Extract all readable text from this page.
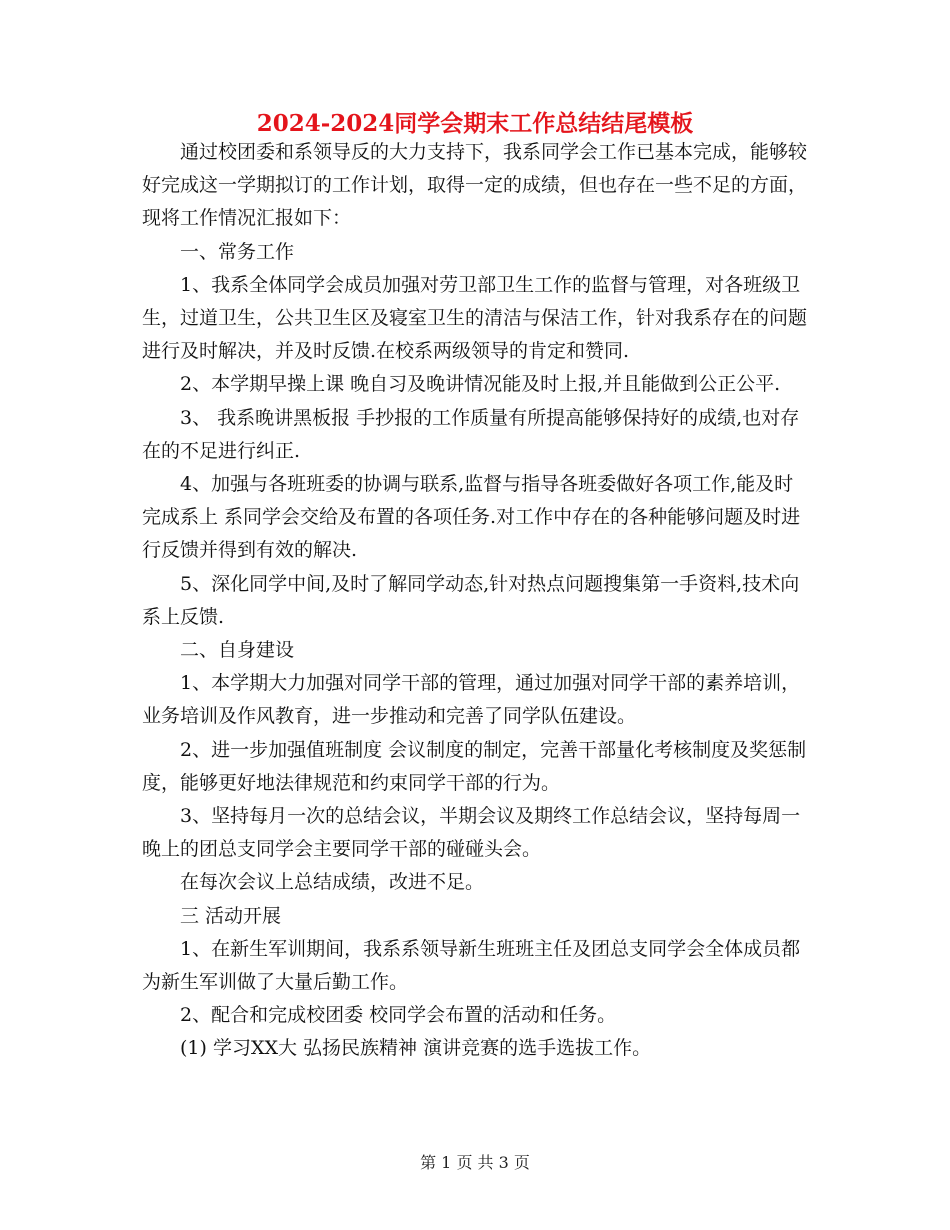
2024-2024同学会期末工作总结结尾模板

通过校团委和系领导反的大力支持下，我系同学会工作已基本完成，能够较好完成这一学期拟订的工作计划，取得一定的成绩，但也存在一些不足的方面，现将工作情况汇报如下：

一、常务工作

1、我系全体同学会成员加强对劳卫部卫生工作的监督与管理，对各班级卫生，过道卫生，公共卫生区及寝室卫生的清洁与保洁工作，针对我系存在的问题进行及时解决，并及时反馈.在校系两级领导的肯定和赞同.

2、本学期早操上课 晚自习及晚讲情况能及时上报,并且能做到公正公平.

3、 我系晚讲黑板报 手抄报的工作质量有所提高能够保持好的成绩,也对存在的不足进行纠正.

4、加强与各班班委的协调与联系,监督与指导各班委做好各项工作,能及时完成系上 系同学会交给及布置的各项任务.对工作中存在的各种能够问题及时进行反馈并得到有效的解决.

5、深化同学中间,及时了解同学动态,针对热点问题搜集第一手资料,技术向系上反馈.

二、自身建设

1、本学期大力加强对同学干部的管理，通过加强对同学干部的素养培训，业务培训及作风教育，进一步推动和完善了同学队伍建设。

2、进一步加强值班制度 会议制度的制定，完善干部量化考核制度及奖惩制度，能够更好地法律规范和约束同学干部的行为。

3、坚持每月一次的总结会议，半期会议及期终工作总结会议，坚持每周一晚上的团总支同学会主要同学干部的碰碰头会。

在每次会议上总结成绩，改进不足。

三 活动开展

1、在新生军训期间，我系系领导新生班班主任及团总支同学会全体成员都为新生军训做了大量后勤工作。

2、配合和完成校团委 校同学会布置的活动和任务。

(1) 学习XX大 弘扬民族精神 演讲竞赛的选手选拔工作。

第 1 页 共 3 页
